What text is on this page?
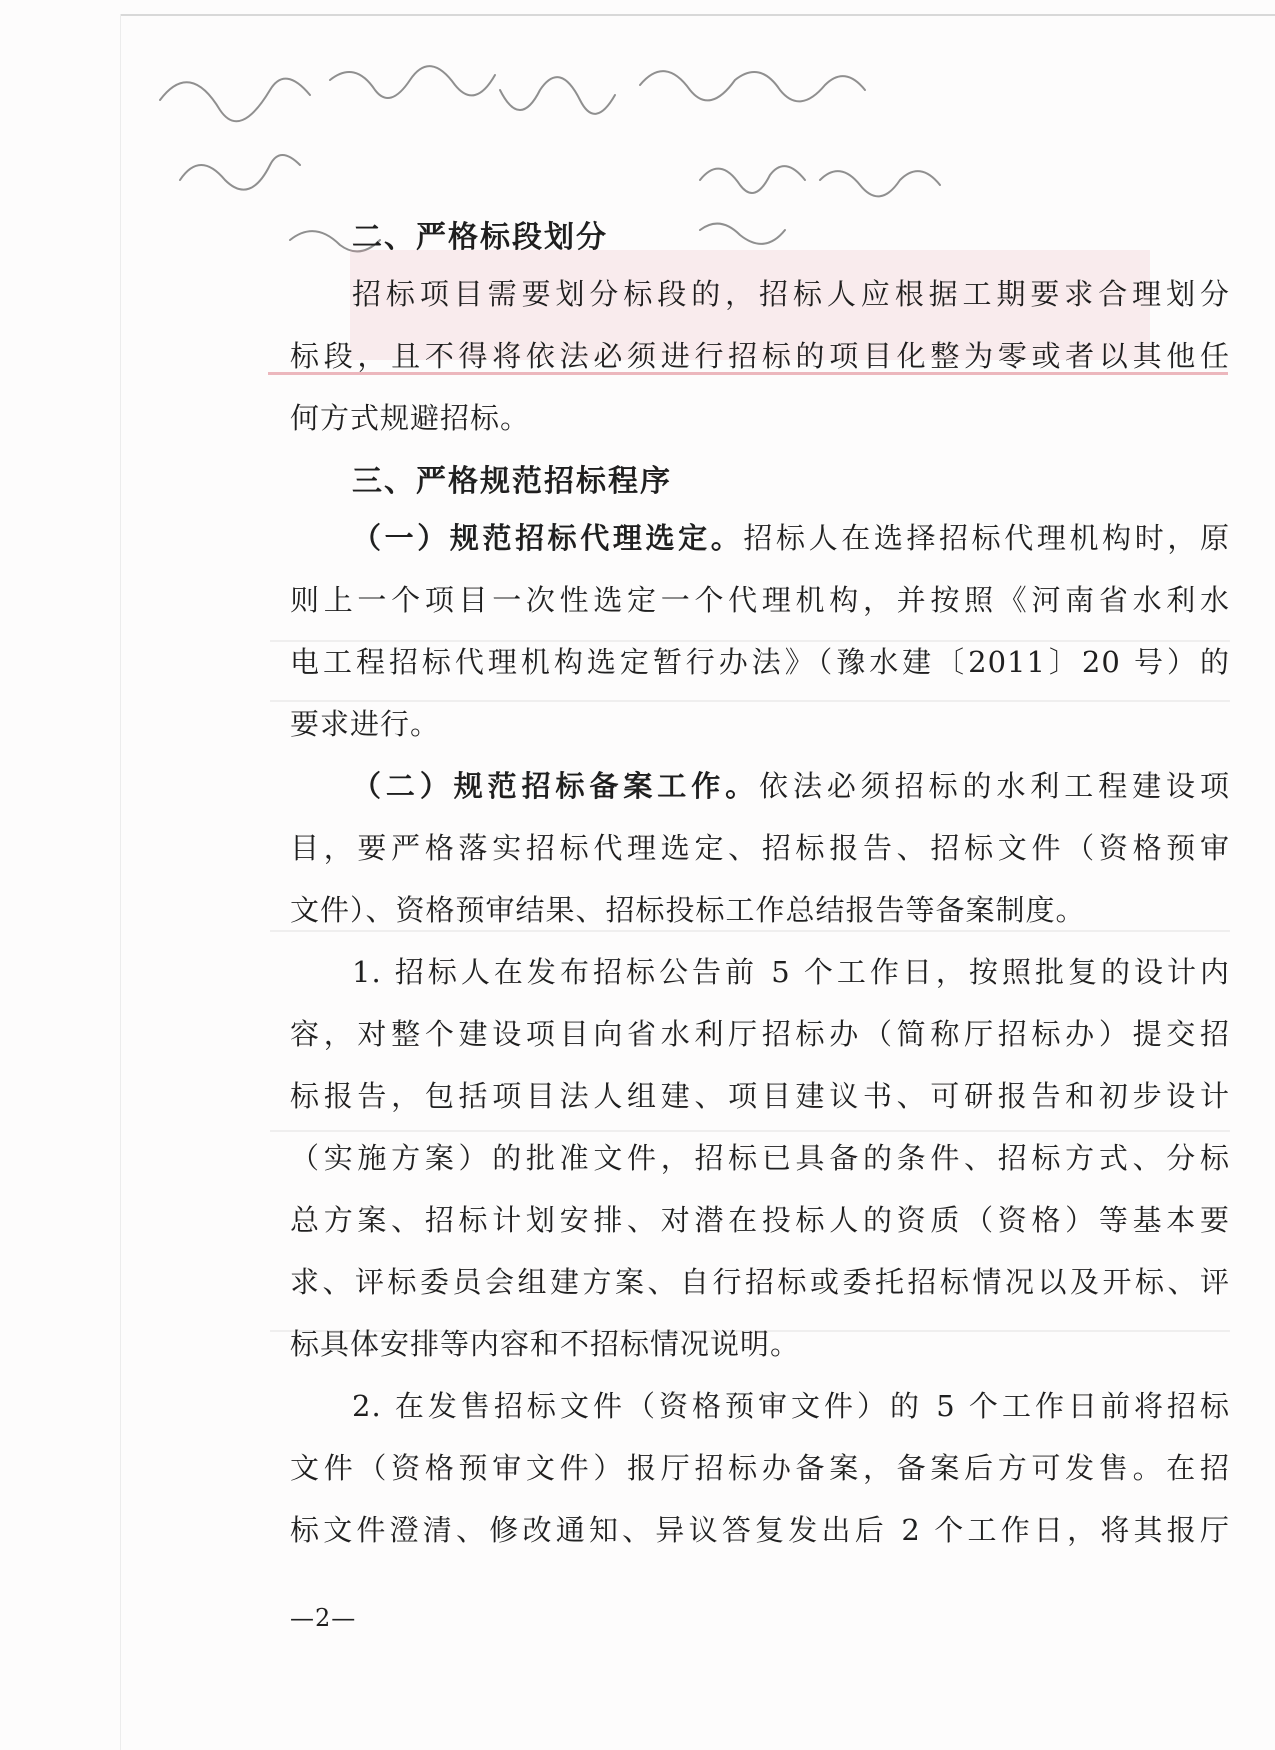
二、严格标段划分
招标项目需要划分标段的，招标人应根据工期要求合理划分
标段，且不得将依法必须进行招标的项目化整为零或者以其他任
何方式规避招标。
三、严格规范招标程序
（一）规范招标代理选定。招标人在选择招标代理机构时，原
则上一个项目一次性选定一个代理机构，并按照《河南省水利水
电工程招标代理机构选定暂行办法》（豫水建〔2011〕20 号）的
要求进行。
（二）规范招标备案工作。依法必须招标的水利工程建设项
目，要严格落实招标代理选定、招标报告、招标文件（资格预审
文件）、资格预审结果、招标投标工作总结报告等备案制度。
1. 招标人在发布招标公告前 5 个工作日，按照批复的设计内
容，对整个建设项目向省水利厅招标办（简称厅招标办）提交招
标报告，包括项目法人组建、项目建议书、可研报告和初步设计
（实施方案）的批准文件，招标已具备的条件、招标方式、分标
总方案、招标计划安排、对潜在投标人的资质（资格）等基本要
求、评标委员会组建方案、自行招标或委托招标情况以及开标、评
标具体安排等内容和不招标情况说明。
2. 在发售招标文件（资格预审文件）的 5 个工作日前将招标
文件（资格预审文件）报厅招标办备案，备案后方可发售。在招
标文件澄清、修改通知、异议答复发出后 2 个工作日，将其报厅
—2—
